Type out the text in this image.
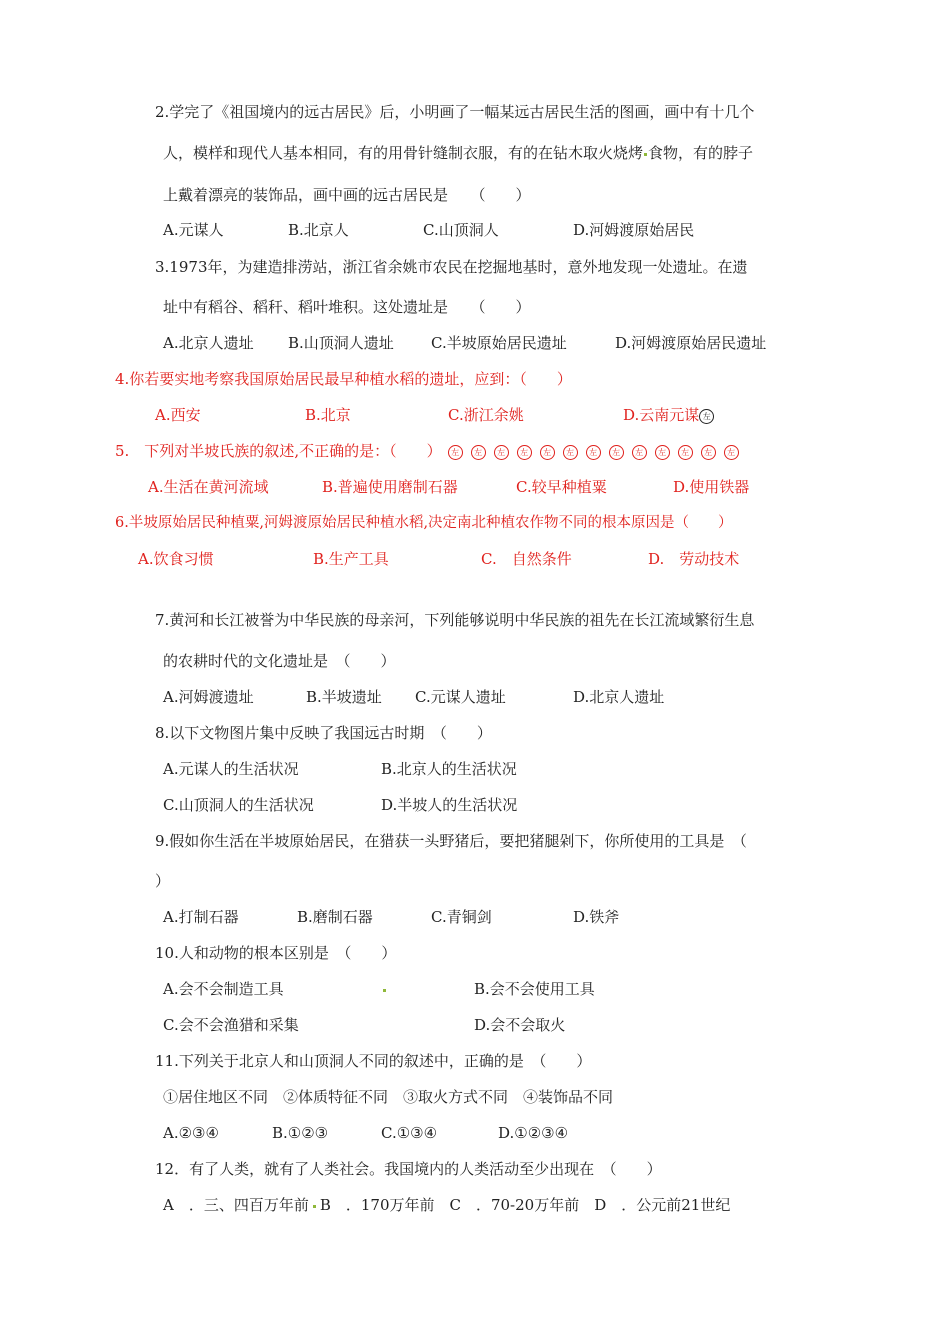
2.学完了《祖国境内的远古居民》后，小明画了一幅某远古居民生活的图画，画中有十几个
人，模样和现代人基本相同，有的用骨针缝制衣服，有的在钻木取火烧烤 食物，有的脖子
上戴着漂亮的装饰品，画中画的远古居民是　　（　　）
A.元谋人	B.北京人	C.山顶洞人	D.河姆渡原始居民
3.1973年，为建造排涝站，浙江省余姚市农民在挖掘地基时，意外地发现一处遗址。在遗
址中有稻谷、稻秆、稻叶堆积。这处遗址是　　（　　）
A.北京人遗址 B.山顶洞人遗址 C.半坡原始居民遗址	D.河姆渡原始居民遗址
4.你若要实地考察我国原始居民最早种植水稻的遗址，应到：（　　）
A.西安	B.北京	C.浙江余姚	D.云南元谋 左
5.　下列对半坡氏族的叙述,不正确的是：（　　） 左 左 左 左 左 左 左 左 左 左 左 左 左
A.生活在黄河流域	B.普遍使用磨制石器	C.较早种植粟	D.使用铁器
6.半坡原始居民种植粟,河姆渡原始居民种植水稻,决定南北种植农作物不同的根本原因是（　　）
A.饮食习惯	B.生产工具	C.　自然条件	D.　劳动技术
7.黄河和长江被誉为中华民族的母亲河，下列能够说明中华民族的祖先在长江流域繁衍生息
的农耕时代的文化遗址是　（　　）
A.河姆渡遗址	B.半坡遗址 C.元谋人遗址	D.北京人遗址
8.以下文物图片集中反映了我国远古时期　（　　）
A.元谋人的生活状况	B.北京人的生活状况
C.山顶洞人的生活状况	D.半坡人的生活状况
9.假如你生活在半坡原始居民，在猎获一头野猪后，要把猪腿剁下，你所使用的工具是　（
）
A.打制石器	B.磨制石器	C.青铜剑	D.铁斧
10.人和动物的根本区别是　（　　）
A.会不会制造工具	B.会不会使用工具
C.会不会渔猎和采集	D.会不会取火
11.下列关于北京人和山顶洞人不同的叙述中，正确的是　（　　）
①居住地区不同　②体质特征不同　③取火方式不同　④装饰品不同
A.②③④	B.①②③	C.①③④	D.①②③④
12．有了人类，就有了人类社会。我国境内的人类活动至少出现在　（　　）
A　．三、四百万年前 B　．170万年前　C　．70-20万年前　D　．公元前21世纪
